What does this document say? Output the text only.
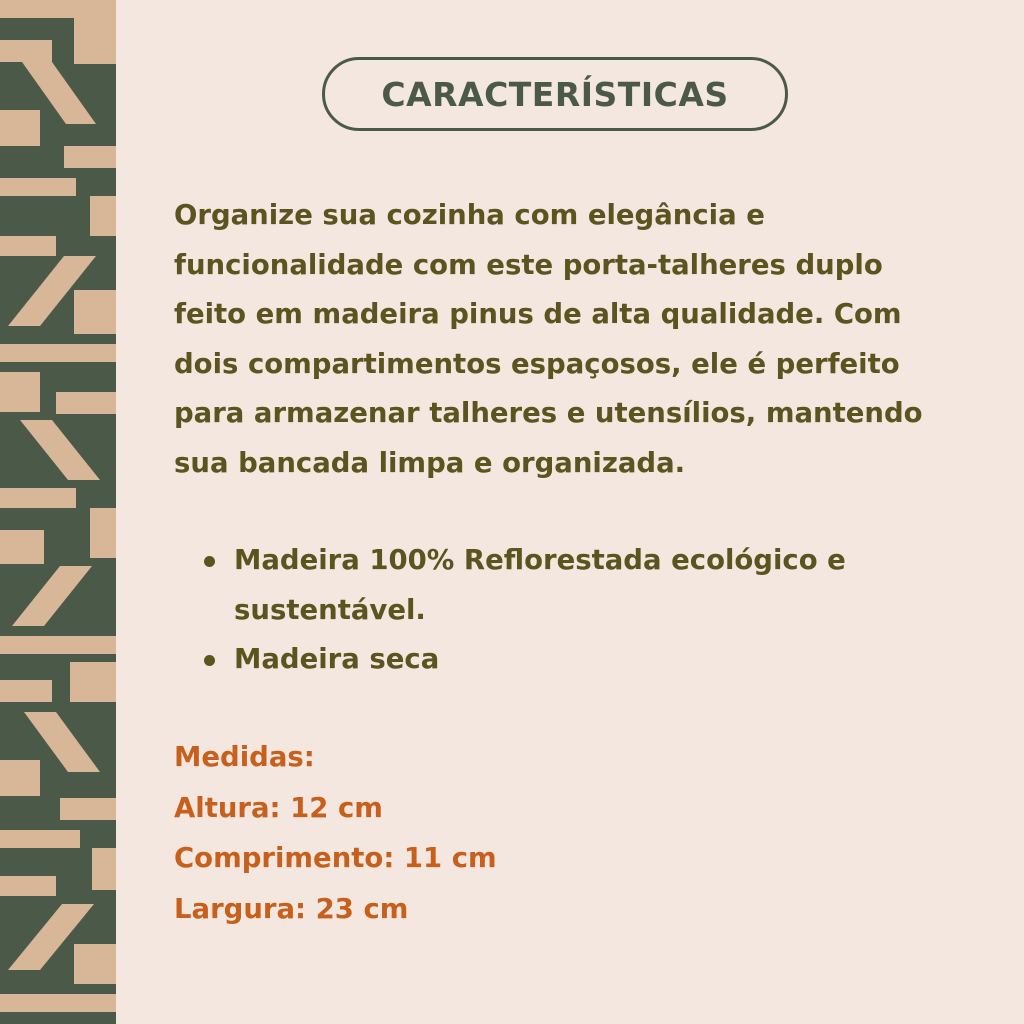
CARACTERÍSTICAS
Organize sua cozinha com elegância e
funcionalidade com este porta-talheres duplo
feito em madeira pinus de alta qualidade. Com
dois compartimentos espaçosos, ele é perfeito
para armazenar talheres e utensílios, mantendo
sua bancada limpa e organizada.
Madeira 100% Reflorestada ecológico e
sustentável.
Madeira seca
Medidas:
Altura: 12 cm
Comprimento: 11 cm
Largura: 23 cm
